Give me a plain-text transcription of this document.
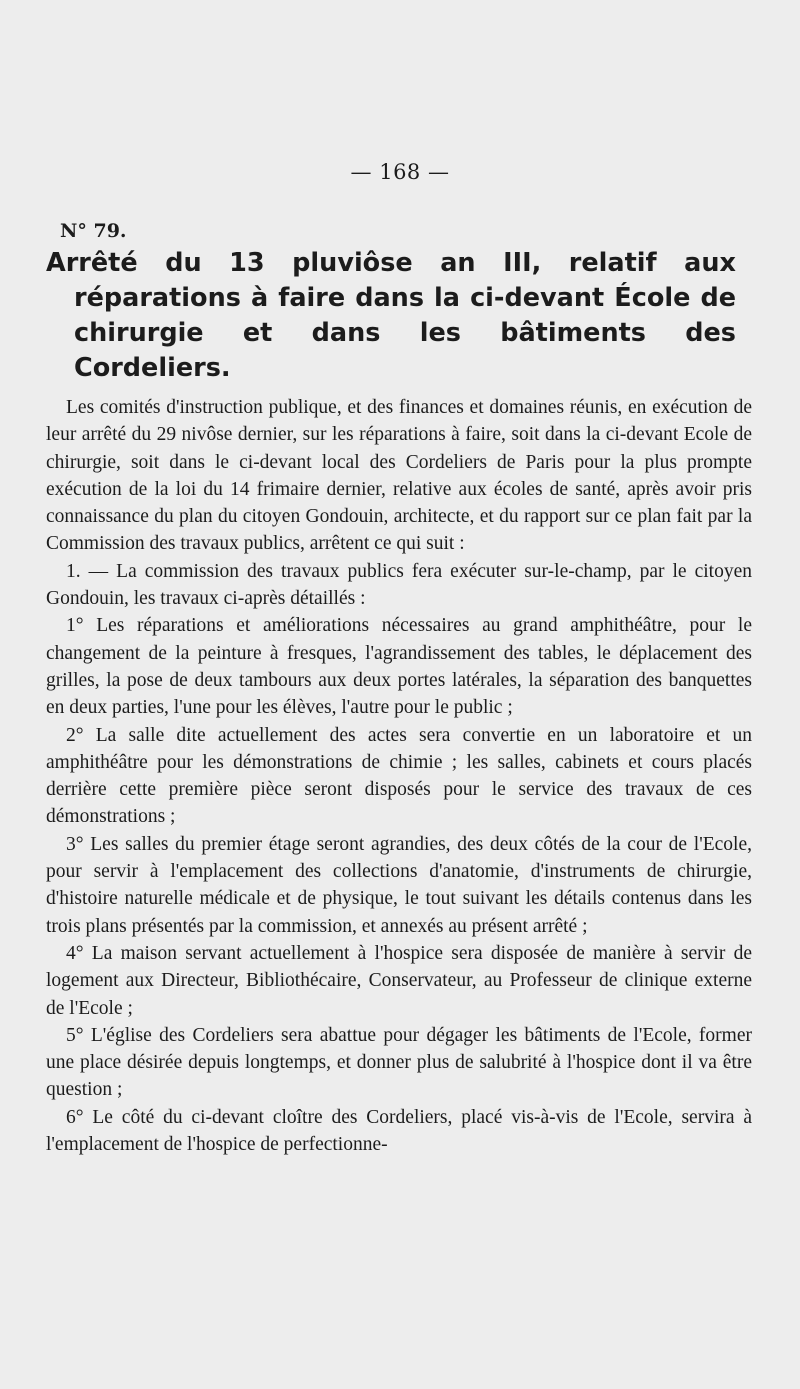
— 168 —
N° 79.
Arrêté du 13 pluviôse an III, relatif aux réparations à faire dans la ci-devant École de chirurgie et dans les bâtiments des Cordeliers.

Les comités d'instruction publique, et des finances et domaines réunis, en exécution de leur arrêté du 29 nivôse dernier, sur les réparations à faire, soit dans la ci-devant Ecole de chirurgie, soit dans le ci-devant local des Cordeliers de Paris pour la plus prompte exécution de la loi du 14 frimaire dernier, relative aux écoles de santé, après avoir pris connaissance du plan du citoyen Gondouin, architecte, et du rapport sur ce plan fait par la Commission des travaux publics, arrêtent ce qui suit :

1. — La commission des travaux publics fera exécuter sur-le-champ, par le citoyen Gondouin, les travaux ci-après détaillés :

1° Les réparations et améliorations nécessaires au grand amphithéâtre, pour le changement de la peinture à fresques, l'agrandissement des tables, le déplacement des grilles, la pose de deux tambours aux deux portes latérales, la séparation des banquettes en deux parties, l'une pour les élèves, l'autre pour le public ;

2° La salle dite actuellement des actes sera convertie en un laboratoire et un amphithéâtre pour les démonstrations de chimie ; les salles, cabinets et cours placés derrière cette première pièce seront disposés pour le service des travaux de ces démonstrations ;

3° Les salles du premier étage seront agrandies, des deux côtés de la cour de l'Ecole, pour servir à l'emplacement des collections d'anatomie, d'instruments de chirurgie, d'histoire naturelle médicale et de physique, le tout suivant les détails contenus dans les trois plans présentés par la commission, et annexés au présent arrêté ;

4° La maison servant actuellement à l'hospice sera disposée de manière à servir de logement aux Directeur, Bibliothécaire, Conservateur, au Professeur de clinique externe de l'Ecole ;

5° L'église des Cordeliers sera abattue pour dégager les bâtiments de l'Ecole, former une place désirée depuis longtemps, et donner plus de salubrité à l'hospice dont il va être question ;

6° Le côté du ci-devant cloître des Cordeliers, placé vis-à-vis de l'Ecole, servira à l'emplacement de l'hospice de perfectionne-
